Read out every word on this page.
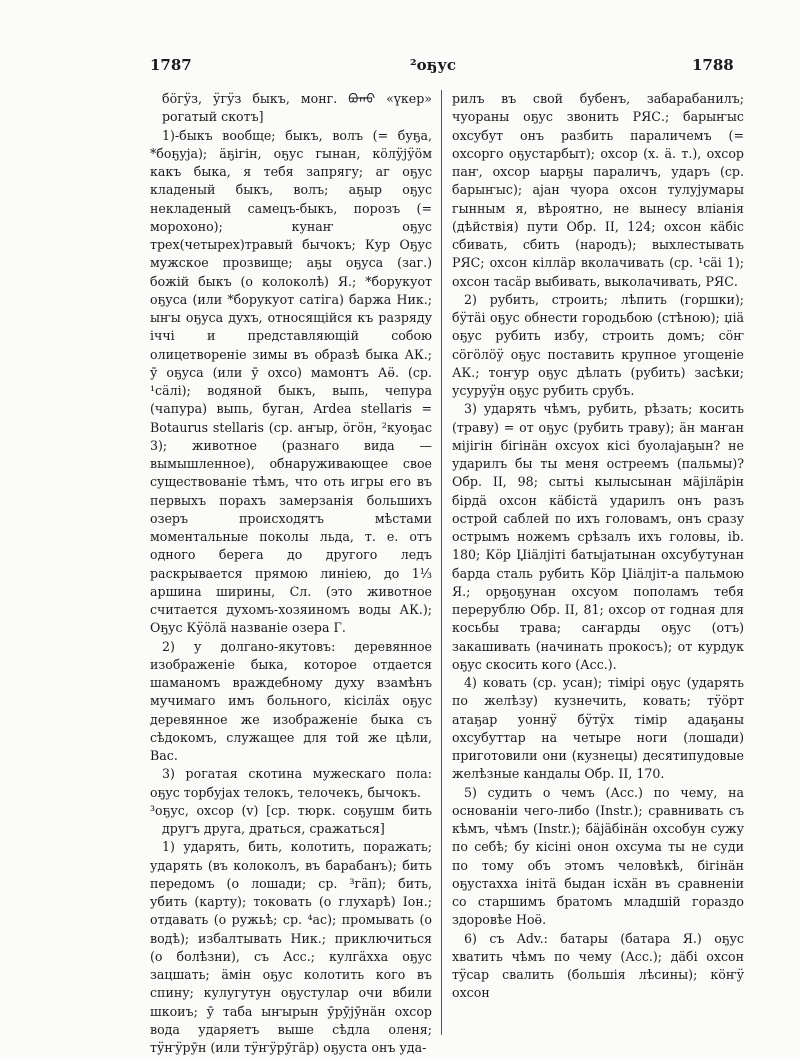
1787	²оҕус	1788

бӧгӱз, ӱгӱз быкъ, монг. ᠪᠤᠬᠤ «үкер» рогатый скотъ]

1)-быкъ вообще; быкъ, волъ (= буҕа, *боҕуја); äҕігін, оҕус гынан, кӧлӱјӱӧм какъ быка, я тебя запрягу; аг оҕус кладеный быкъ, волъ; аҕыр оҕус некладеный самецъ-быкъ, порозъ (= морохоно); кунаҥ оҕус трех(четырех)травый бычокъ; Кур Оҕус мужское прозвище; аҕы оҕуса (заг.) божій быкъ (о колоколѣ) Я.; *борукуот оҕуса (или *борукуот сатіга) баржа Ник.; ыҥы оҕуса духъ, относящійся къ разряду іччі и представляющій собою олицетвореніе зимы въ образѣ быка АК.; ӯ оҕуса (или ӯ охсо) мамонтъ Аӫ. (ср. ¹сäлі); водяной быкъ, выпь, чепура (чапура) выпь, буган, Ardea stellaris = Botaurus stellaris (ср. аҥыр, ӧгӧн, ²куоҕас 3); животное (разнаго вида — вымышленное), обнаруживающее свое существованіе тѣмъ, что оть игры его въ первыхъ порахъ замерзанія большихъ озеръ происходятъ мѣстами моментальные поколы льда, т. е. отъ одного берега до другого ледъ раскрывается прямою линіею, до 1⅓ аршина ширины, Сл. (это животное считается духомъ-хозяиномъ воды АК.); Оҕус Кӱӧлä названіе озера Г.

2) у долгано-якутовъ: деревянное изображеніе быка, которое отдается шаманомъ враждебному духу взамѣнъ мучимаго имъ больного, кісілäх оҕус деревянное же изображеніе быка съ сѣдокомъ, служащее для той же цѣли, Вас.

3) рогатая скотина мужескаго пола: оҕус торбујах телокъ, телочекъ, бычокъ.

³оҕус, охсор (v) [ср. тюрк. соҕушм бить другъ друга, драться, сражаться]

1) ударять, бить, колотить, поражать; ударять (въ колоколъ, въ барабанъ); бить передомъ (о лошади; ср. ³гäп); бить, убить (карту); токовать (о глухарѣ) Іон.; отдавать (о ружьѣ; ср. ⁴ас); промывать (о водѣ); избалтывать Ник.; приключиться (о болѣзни), съ Асс.; кулгäхха оҕус зацшать; äмін оҕус колотить кого въ спину; кулугутун оҕустулар очи вбили шкоиъ; ӯ таба ыҥырын ӯрӯјӯнäн охсор вода ударяетъ выше сѣдла оленя; тӱҥӱрӯн (или тӱҥӱрӯгäр) оҕуста онъ уда-

рилъ въ свой бубенъ, забарабанилъ; чуораны оҕус звонить РЯС.; барыҥыс охсубут онъ разбить параличемъ (= охсорго оҕустарбыт); охсор (х. ä. т.), охсор паҥ, охсор ыарҕы параличъ, ударъ (ср. барыҥыс); аjан чуора охсон тулујумары гынным я, вѣроятно, не вынесу вліанія (дѣйствія) пути Обр. II, 124; охсон кäбіс сбивать, сбить (народъ); выхлестывать РЯС; охсон кіллäр вколачивать (ср. ¹сäі 1); охсон тасäр выбивать, выколачивать, РЯС.

2) рубить, строить; лѣпить (горшки); бӱтäі оҕус обнести городьбою (стѣною); џіä оҕус рубить избу, строить домъ; сӧҥ сӧгӧлӧӱ оҕус поставить крупное угощеніе АК.; тоҥур оҕус дѣлать (рубить) засѣки; усуруӱн оҕус рубить срубъ.

3) ударять чѣмъ, рубить, рѣзать; косить (траву) = от оҕус (рубить траву); äн маҥан міјігін бігінäн охсуох кісі буолаjаҕын? не ударилъ бы ты меня остреемъ (пальмы)? Обр. II, 98; сытьі кылысынан мäjiлäрін бірдä охсон кäбістä ударилъ онъ разъ острой саблей по ихъ головамъ, онъ сразу острымъ ножемъ срѣзалъ ихъ головы, ib. 180; Кӧр Џіäлjітi батыjатынан охсубутунан барда сталь рубить Кӧр Џіäлjіт-а пальмою Я.; орҕоҕунан охсуом пополамъ тебя перерублю Обр. II, 81; охсор от годная для косьбы трава; саҥарды оҕус (отъ) закашивать (начинать прокосъ); от курдук оҕус скосить кого (Асс.).

4) ковать (ср. усан); тімірі оҕус (ударять по желѣзу) кузнечить, ковать; тӱӧрт атаҕар уоннӱ бӱтӱх тімір адаҕаны охсубуттар на четыре ноги (лошади) приготовили они (кузнецы) десятипудовые желѣзные кандалы Обр. II, 170.

5) судить о чемъ (Асс.) по чему, на основаніи чего-либо (Instr.); сравнивать съ кѣмъ, чѣмъ (Instr.); бäjäбінäн охсобун сужу по себѣ; бу кісіні онон охсума ты не суди по тому объ этомъ человѣкѣ, бігінäн оҕустахха iнiтä быдан iсхäн въ сравненіи со старшимъ братомъ младшій гораздо здоровѣе Ноӫ.

6) съ Adv.: батары (батара Я.) оҕус хватить чѣмъ по чему (Асс.); дäбі охсон тӱсар свалить (большія лѣсины); кӧҥӱ охсон
